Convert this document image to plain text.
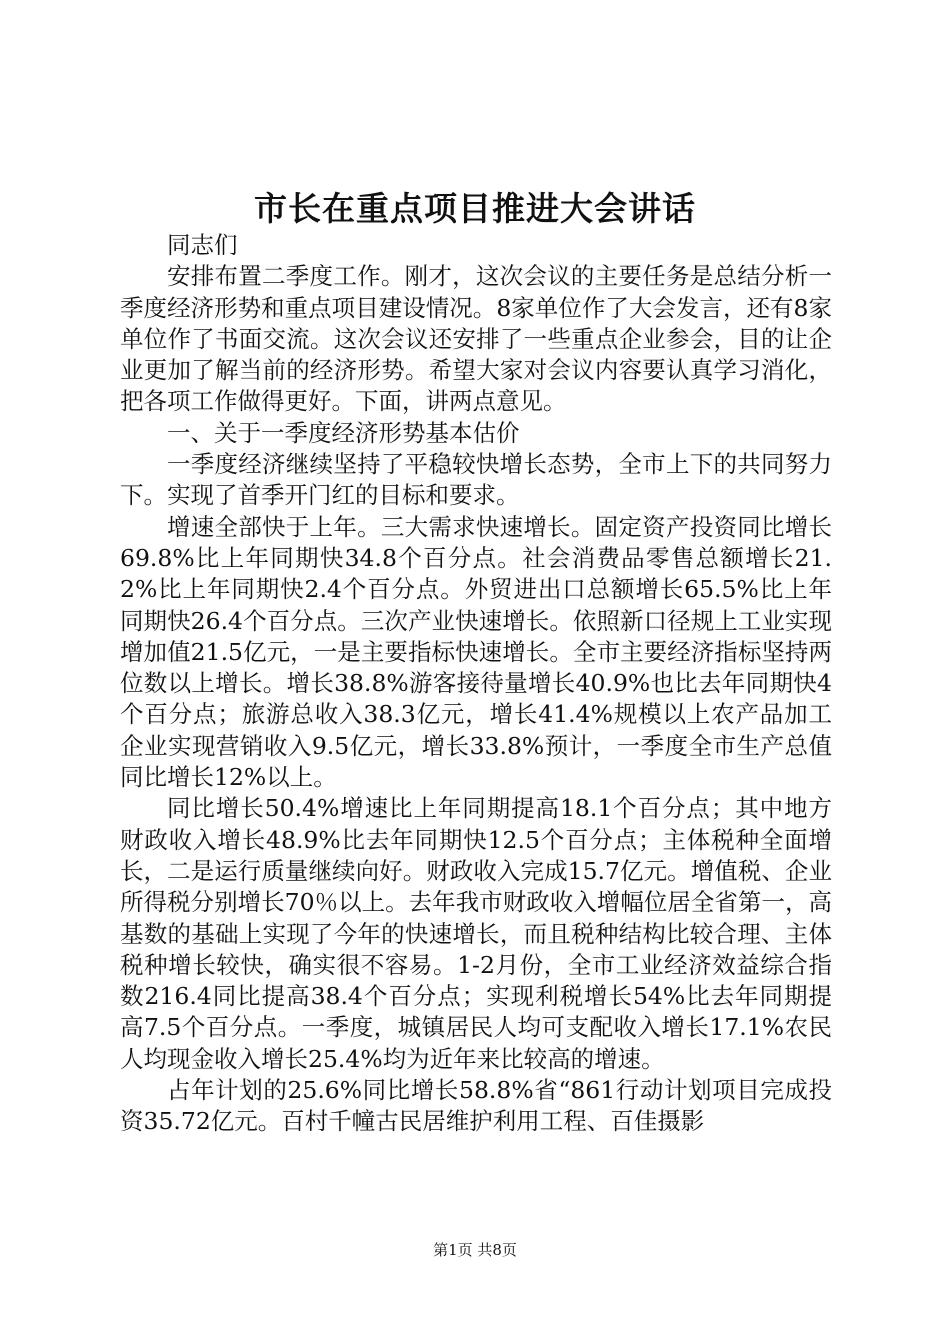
市长在重点项目推进大会讲话

同志们

安排布置二季度工作。刚才，这次会议的主要任务是总结分析一季度经济形势和重点项目建设情况。8家单位作了大会发言，还有8家单位作了书面交流。这次会议还安排了一些重点企业参会，目的让企业更加了解当前的经济形势。希望大家对会议内容要认真学习消化，把各项工作做得更好。下面，讲两点意见。

一、关于一季度经济形势基本估价

一季度经济继续坚持了平稳较快增长态势，全市上下的共同努力下。实现了首季开门红的目标和要求。

增速全部快于上年。三大需求快速增长。固定资产投资同比增长69.8%比上年同期快34.8个百分点。社会消费品零售总额增长21.2%比上年同期快2.4个百分点。外贸进出口总额增长65.5%比上年同期快26.4个百分点。三次产业快速增长。依照新口径规上工业实现增加值21.5亿元，一是主要指标快速增长。全市主要经济指标坚持两位数以上增长。增长38.8%游客接待量增长40.9%也比去年同期快4个百分点；旅游总收入38.3亿元，增长41.4%规模以上农产品加工企业实现营销收入9.5亿元，增长33.8%预计，一季度全市生产总值同比增长12%以上。

同比增长50.4%增速比上年同期提高18.1个百分点；其中地方财政收入增长48.9%比去年同期快12.5个百分点；主体税种全面增长，二是运行质量继续向好。财政收入完成15.7亿元。增值税、企业所得税分别增长70％以上。去年我市财政收入增幅位居全省第一，高基数的基础上实现了今年的快速增长，而且税种结构比较合理、主体税种增长较快，确实很不容易。1-2月份，全市工业经济效益综合指数216.4同比提高38.4个百分点；实现利税增长54%比去年同期提高7.5个百分点。一季度，城镇居民人均可支配收入增长17.1%农民人均现金收入增长25.4%均为近年来比较高的增速。

占年计划的25.6%同比增长58.8%省“861行动计划项目完成投资35.72亿元。百村千幢古民居维护利用工程、百佳摄影

第1页 共8页
